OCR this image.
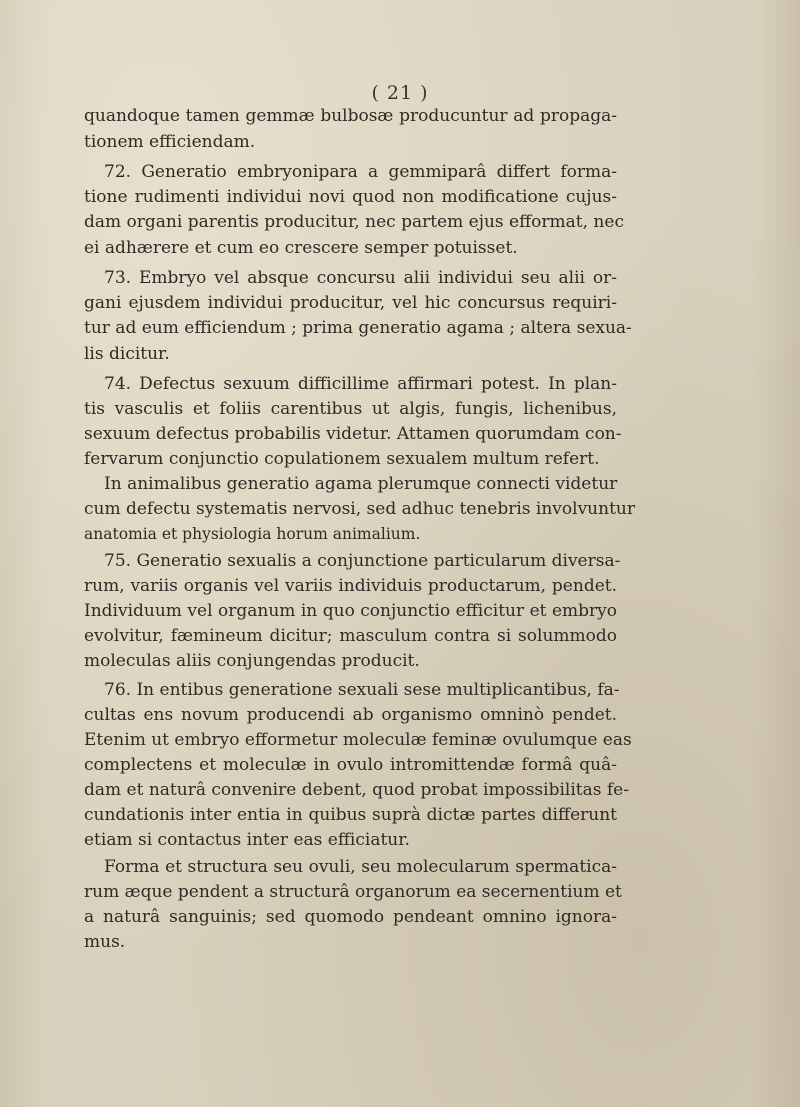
( 21 )
quandoque tamen gemmæ bulbosæ producuntur ad propaga-
tionem efficiendam.
72. Generatio embryonipara a gemmiparâ differt forma-
tione rudimenti individui novi quod non modificatione cujus-
dam organi parentis producitur, nec partem ejus efformat, nec
ei adhærere et cum eo crescere semper potuisset.
73. Embryo vel absque concursu alii individui seu alii or-
gani ejusdem individui producitur, vel hic concursus requiri-
tur ad eum efficiendum ; prima generatio agama ; altera sexua-
lis dicitur.
74. Defectus sexuum difficillime affirmari potest. In plan-
tis vasculis et foliis carentibus ut algis, fungis, lichenibus,
sexuum defectus probabilis videtur. Attamen quorumdam con-
fervarum conjunctio copulationem sexualem multum refert.
In animalibus generatio agama plerumque connecti videtur
cum defectu systematis nervosi, sed adhuc tenebris involvuntur
anatomia et physiologia horum animalium.
75. Generatio sexualis a conjunctione particularum diversa-
rum, variis organis vel variis individuis productarum, pendet.
Individuum vel organum in quo conjunctio efficitur et embryo
evolvitur, fæmineum dicitur; masculum contra si solummodo
moleculas aliis conjungendas producit.
76. In entibus generatione sexuali sese multiplicantibus, fa-
cultas ens novum producendi ab organismo omninò pendet.
Etenim ut embryo efformetur moleculæ feminæ ovulumque eas
complectens et moleculæ in ovulo intromittendæ formâ quâ-
dam et naturâ convenire debent, quod probat impossibilitas fe-
cundationis inter entia in quibus suprà dictæ partes differunt
etiam si contactus inter eas efficiatur.
Forma et structura seu ovuli, seu molecularum spermatica-
rum æque pendent a structurâ organorum ea secernentium et
a naturâ sanguinis; sed quomodo pendeant omnino ignora-
mus.
